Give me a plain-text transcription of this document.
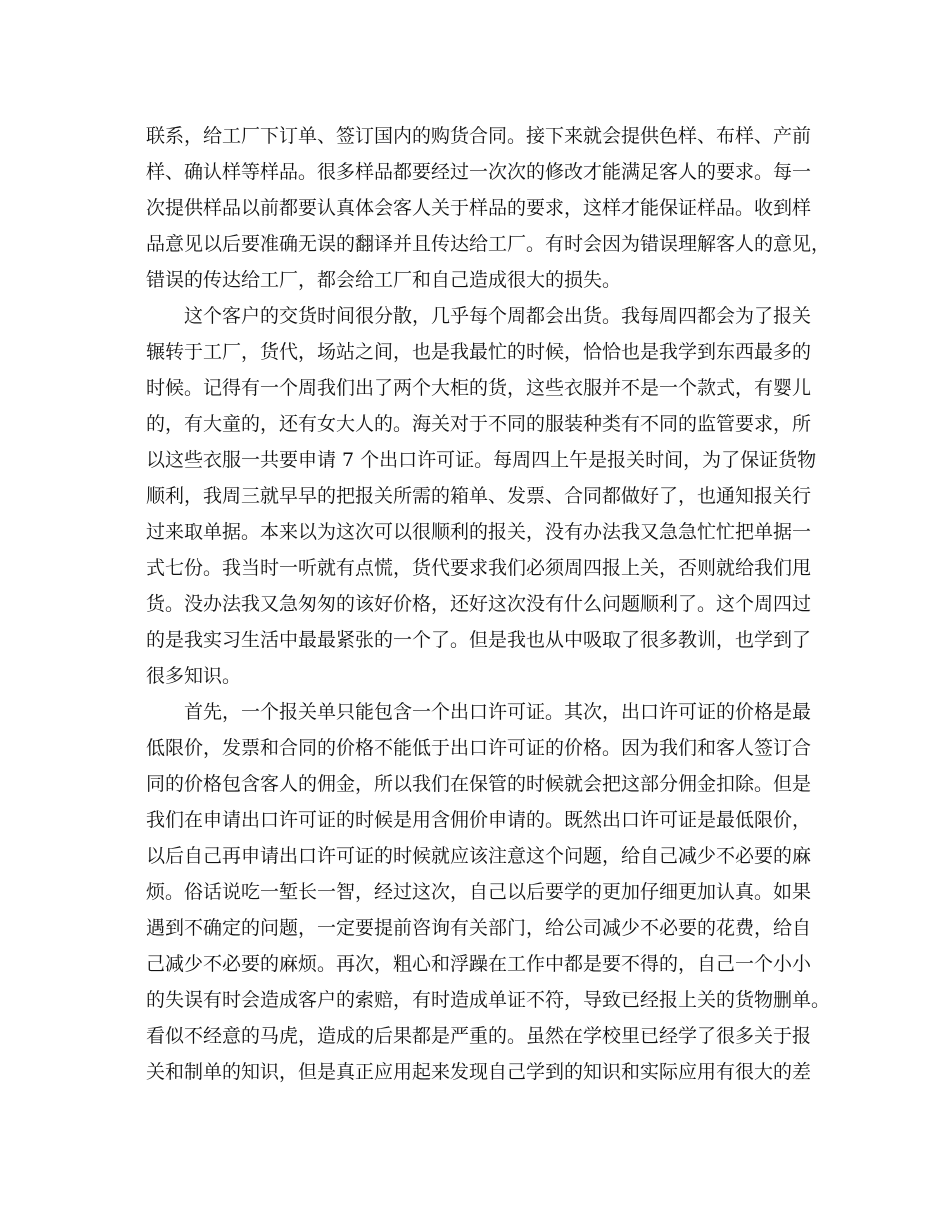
联系，给工厂下订单、签订国内的购货合同。接下来就会提供色样、布样、产前
样、确认样等样品。很多样品都要经过一次次的修改才能满足客人的要求。每一
次提供样品以前都要认真体会客人关于样品的要求，这样才能保证样品。收到样
品意见以后要准确无误的翻译并且传达给工厂。有时会因为错误理解客人的意见，
错误的传达给工厂，都会给工厂和自己造成很大的损失。
　　这个客户的交货时间很分散，几乎每个周都会出货。我每周四都会为了报关
辗转于工厂，货代，场站之间，也是我最忙的时候，恰恰也是我学到东西最多的
时候。记得有一个周我们出了两个大柜的货，这些衣服并不是一个款式，有婴儿
的，有大童的，还有女大人的。海关对于不同的服装种类有不同的监管要求，所
以这些衣服一共要申请 7 个出口许可证。每周四上午是报关时间，为了保证货物
顺利，我周三就早早的把报关所需的箱单、发票、合同都做好了，也通知报关行
过来取单据。本来以为这次可以很顺利的报关，没有办法我又急急忙忙把单据一
式七份。我当时一听就有点慌，货代要求我们必须周四报上关，否则就给我们甩
货。没办法我又急匆匆的该好价格，还好这次没有什么问题顺利了。这个周四过
的是我实习生活中最最紧张的一个了。但是我也从中吸取了很多教训，也学到了
很多知识。
　　首先，一个报关单只能包含一个出口许可证。其次，出口许可证的价格是最
低限价，发票和合同的价格不能低于出口许可证的价格。因为我们和客人签订合
同的价格包含客人的佣金，所以我们在保管的时候就会把这部分佣金扣除。但是
我们在申请出口许可证的时候是用含佣价申请的。既然出口许可证是最低限价，
以后自己再申请出口许可证的时候就应该注意这个问题，给自己减少不必要的麻
烦。俗话说吃一堑长一智，经过这次，自己以后要学的更加仔细更加认真。如果
遇到不确定的问题，一定要提前咨询有关部门，给公司减少不必要的花费，给自
己减少不必要的麻烦。再次，粗心和浮躁在工作中都是要不得的，自己一个小小
的失误有时会造成客户的索赔，有时造成单证不符，导致已经报上关的货物删单。
看似不经意的马虎，造成的后果都是严重的。虽然在学校里已经学了很多关于报
关和制单的知识，但是真正应用起来发现自己学到的知识和实际应用有很大的差
